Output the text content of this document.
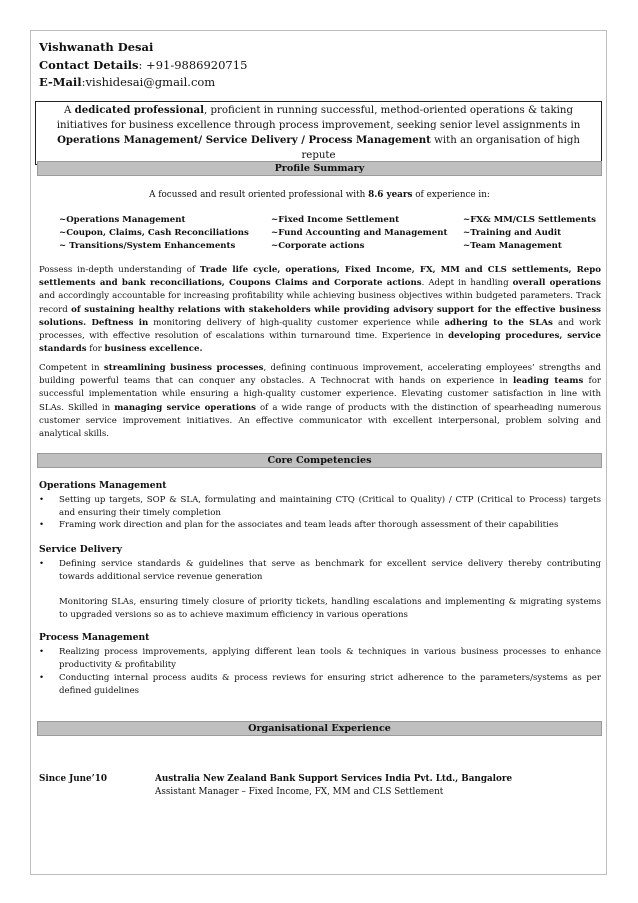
Vishwanath Desai
Contact Details: +91-9886920715
E-Mail:vishidesai@gmail.com
A dedicated professional, proficient in running successful, method-oriented operations & taking initiatives for business excellence through process improvement, seeking senior level assignments in Operations Management/ Service Delivery / Process Management with an organisation of high repute
Profile Summary
A focussed and result oriented professional with 8.6 years of experience in:
~Operations Management	~Fixed Income Settlement	~FX& MM/CLS Settlements
~Coupon, Claims, Cash Reconciliations	~Fund Accounting and Management ~Training and Audit
~ Transitions/System Enhancements	~Corporate actions	~Team Management
Possess in-depth understanding of Trade life cycle, operations, Fixed Income, FX, MM and CLS settlements, Repo settlements and bank reconciliations, Coupons Claims and Corporate actions. Adept in handling overall operations and accordingly accountable for increasing profitability while achieving business objectives within budgeted parameters. Track record of sustaining healthy relations with stakeholders while providing advisory support for the effective business solutions. Deftness in monitoring delivery of high-quality customer experience while adhering to the SLAs and work processes, with effective resolution of escalations within turnaround time. Experience in developing procedures, service standards for business excellence.
Competent in streamlining business processes, defining continuous improvement, accelerating employees’ strengths and building powerful teams that can conquer any obstacles. A Technocrat with hands on experience in leading teams for successful implementation while ensuring a high-quality customer experience. Elevating customer satisfaction in line with SLAs. Skilled in managing service operations of a wide range of products with the distinction of spearheading numerous customer service improvement initiatives. An effective communicator with excellent interpersonal, problem solving and analytical skills.
Core Competencies
Operations Management
•	Setting up targets, SOP & SLA, formulating and maintaining CTQ (Critical to Quality) / CTP (Critical to Process) targets and ensuring their timely completion
•	Framing work direction and plan for the associates and team leads after thorough assessment of their capabilities
Service Delivery
•	Defining service standards & guidelines that serve as benchmark for excellent service delivery thereby contributing towards additional service revenue generation
Monitoring SLAs, ensuring timely closure of priority tickets, handling escalations and implementing & migrating systems to upgraded versions so as to achieve maximum efficiency in various operations
Process Management
•	Realizing process improvements, applying different lean tools & techniques in various business processes to enhance productivity & profitability
•	Conducting internal process audits & process reviews for ensuring strict adherence to the parameters/systems as per defined guidelines
Organisational Experience
Since June’10	Australia New Zealand Bank Support Services India Pvt. Ltd., Bangalore
Assistant Manager – Fixed Income, FX, MM and CLS Settlement
